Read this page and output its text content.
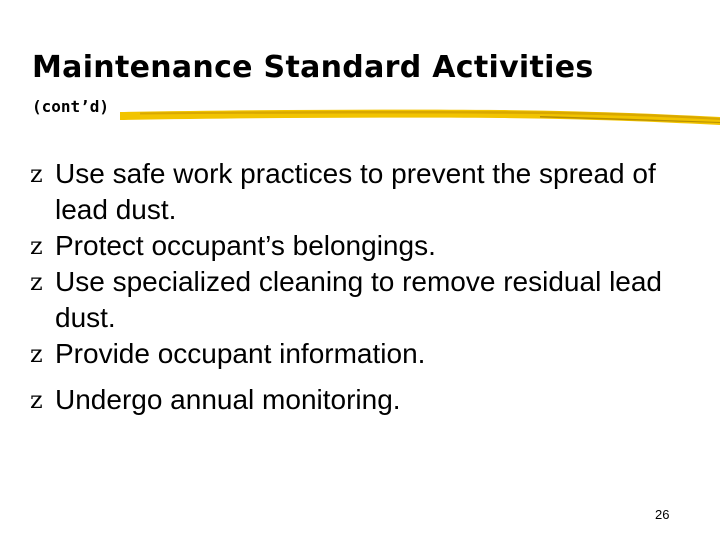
Maintenance Standard Activities
(cont’d)
z Use safe work practices to prevent the spread of lead dust.
z Protect occupant’s belongings.
z Use specialized cleaning to remove residual lead dust.
z Provide occupant information.
z Undergo annual monitoring.
26
